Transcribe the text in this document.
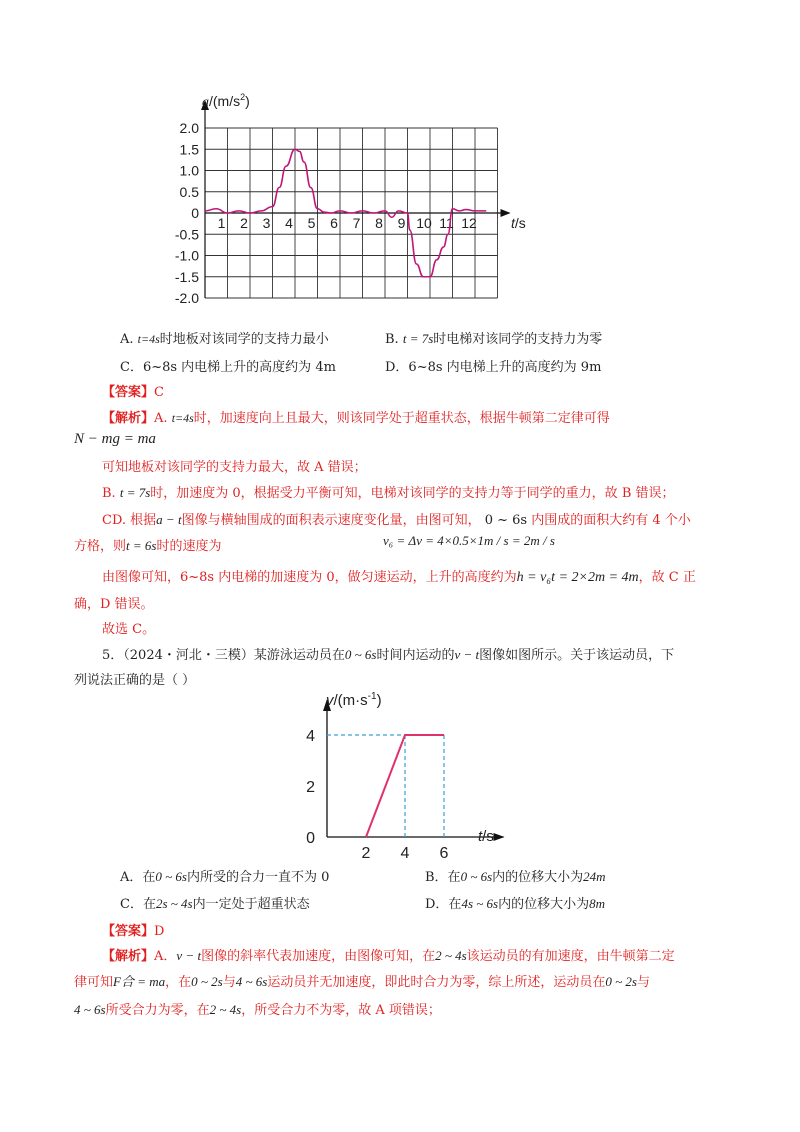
2.0
1.5
1.0
0.5
0
-0.5
-1.0
-1.5
-2.0
1 2 3 4 5 6 7 8 9 10 11 12
$a/(m/s^2)$
t/s
A. t=4s时地板对该同学的支持力最小	B. t = 7s时电梯对该同学的支持力为零
C．6~8s 内电梯上升的高度约为 4m	D．6~8s 内电梯上升的高度约为 9m
【答案】C
【解析】A. t=4s时，加速度向上且最大，则该同学处于超重状态，根据牛顿第二定律可得
N − mg = ma
可知地板对该同学的支持力最大，故 A 错误；
B. t = 7s时，加速度为 0，根据受力平衡可知，电梯对该同学的支持力等于同学的重力，故 B 错误；
CD. 根据a − t图像与横轴围成的面积表示速度变化量，由图可知， 0 ~ 6s 内围成的面积大约有 4 个小
方格，则t = 6s时的速度为	v₆ = Δv = 4×0.5×1m / s = 2m / s
由图像可知，6~8s 内电梯的加速度为 0，做匀速运动，上升的高度约为h = v₆t = 2×2m = 4m，故 C 正
确，D 错误。
故选 C。
5．（2024・河北・三模）某游泳运动员在0 ~ 6s时间内运动的v − t图像如图所示。关于该运动员，下
列说法正确的是（ ）
4
2
0
2 4 6
$v/(m\cdot s^{-1})$
t/s
A．在0 ~ 6s内所受的合力一直不为 0	B．在0 ~ 6s内的位移大小为24m
C．在2s ~ 4s内一定处于超重状态	D．在4s ~ 6s内的位移大小为8m
【答案】D
【解析】A．v − t图像的斜率代表加速度，由图像可知，在2 ~ 4s该运动员的有加速度，由牛顿第二定
律可知F合 = ma，在0 ~ 2s与4 ~ 6s运动员并无加速度，即此时合力为零，综上所述，运动员在0 ~ 2s与
4 ~ 6s所受合力为零，在2 ~ 4s，所受合力不为零，故 A 项错误；
